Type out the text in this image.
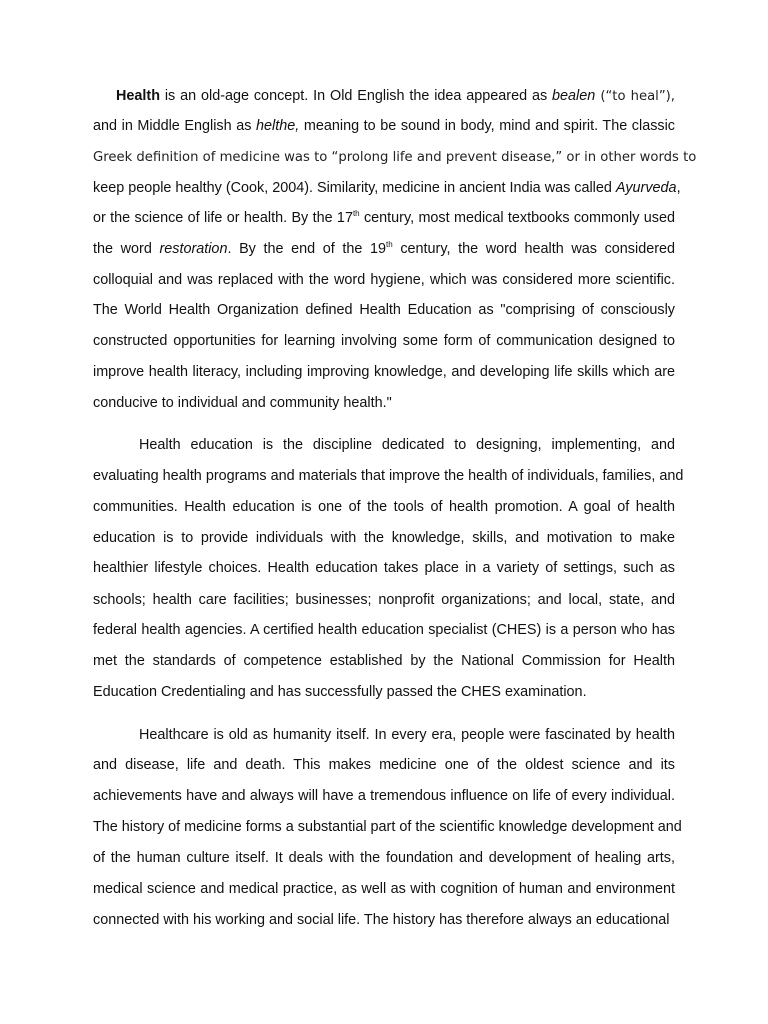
Health is an old-age concept. In Old English the idea appeared as bealen (“to heal”),
and in Middle English as helthe, meaning to be sound in body, mind and spirit. The classic
Greek definition of medicine was to “prolong life and prevent disease,” or in other words to
keep people healthy (Cook, 2004). Similarity, medicine in ancient India was called Ayurveda,
or the science of life or health. By the 17th century, most medical textbooks commonly used
the word restoration. By the end of the 19th century, the word health was considered
colloquial and was replaced with the word hygiene, which was considered more scientific.
The World Health Organization defined Health Education as "comprising of consciously
constructed opportunities for learning involving some form of communication designed to
improve health literacy, including improving knowledge, and developing life skills which are
conducive to individual and community health."
Health education is the discipline dedicated to designing, implementing, and
evaluating health programs and materials that improve the health of individuals, families, and
communities. Health education is one of the tools of health promotion. A goal of health
education is to provide individuals with the knowledge, skills, and motivation to make
healthier lifestyle choices. Health education takes place in a variety of settings, such as
schools; health care facilities; businesses; nonprofit organizations; and local, state, and
federal health agencies. A certified health education specialist (CHES) is a person who has
met the standards of competence established by the National Commission for Health
Education Credentialing and has successfully passed the CHES examination.
Healthcare is old as humanity itself. In every era, people were fascinated by health
and disease, life and death. This makes medicine one of the oldest science and its
achievements have and always will have a tremendous influence on life of every individual.
The history of medicine forms a substantial part of the scientific knowledge development and
of the human culture itself. It deals with the foundation and development of healing arts,
medical science and medical practice, as well as with cognition of human and environment
connected with his working and social life. The history has therefore always an educational
